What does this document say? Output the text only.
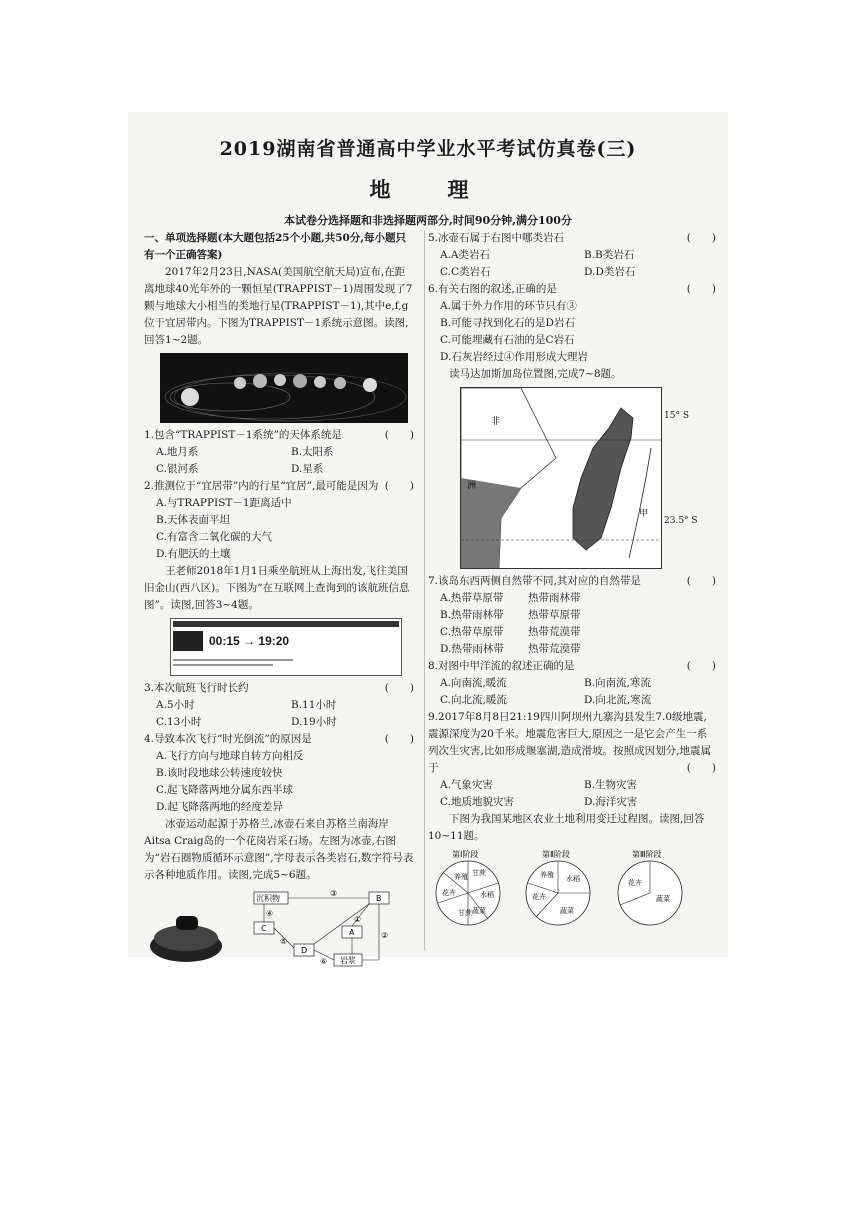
2019湖南省普通高中学业水平考试仿真卷(三)
地　理
本试卷分选择题和非选择题两部分,时间90分钟,满分100分

一、单项选择题(本大题包括25个小题,共50分,每小题只有一个正确答案)

2017年2月23日,NASA(美国航空航天局)宣布,在距离地球40光年外的一颗恒星(TRAPPIST－1)周围发现了7颗与地球大小相当的类地行星(TRAPPIST－1),其中e,f,g位于宜居带内。下图为TRAPPIST－1系统示意图。读图,回答1~2题。

1.包含“TRAPPIST－1系统”的天体系统是	(　　)
A.地月系	B.太阳系
C.银河系	D.星系
2.推测位于“宜居带”内的行星“宜居”,最可能是因为 (　　)

A.与TRAPPIST－1距离适中

B.天体表面平坦

C.有富含二氧化碳的大气

D.有肥沃的土壤

王老师2018年1月1日乘坐航班从上海出发,飞往美国旧金山(西八区)。下图为“在互联网上查询到的该航班信息图”。读图,回答3~4题。

00:15 → 19:20
3.本次航班飞行时长约	(　　)
A.5小时	B.11小时
C.13小时	D.19小时
4.导致本次飞行“时光倒流”的原因是	(　　)

A.飞行方向与地球自转方向相反

B.该时段地球公转速度较快

C.起飞降落两地分属东西半球

D.起飞降落两地的经度差异

冰壶运动起源于苏格兰,冰壶石来自苏格兰南海岸Aitsa Craig岛的一个花岗岩采石场。左图为冰壶,右图为“岩石圈物质循环示意图”,字母表示各类岩石,数字符号表示各种地质作用。读图,完成5~6题。

沉积物	B
C	A
D
岩浆
③
④
②
①
⑤
⑥
5.冰壶石属于右图中哪类岩石	(　　)
A.A类岩石	B.B类岩石
C.C类岩石	D.D类岩石
6.有关右图的叙述,正确的是	(　　)

A.属于外力作用的环节只有③

B.可能寻找到化石的是D岩石

C.可能埋藏有石油的是C岩石

D.石灰岩经过④作用形成大理岩

读马达加斯加岛位置图,完成7~8题。

非
洲
甲
15° S
23.5° S
7.该岛东西两侧自然带不同,其对应的自然带是	(　　)
A.热带草原带	热带雨林带
B.热带雨林带	热带草原带
C.热带草原带	热带荒漠带
D.热带雨林带	热带荒漠带
8.对图中甲洋流的叙述正确的是	(　　)
A.向南流,暖流	B.向南流,寒流
C.向北流,暖流	D.向北流,寒流

9.2017年8月8日21:19四川阿坝州九寨沟县发生7.0级地震,震源深度为20千米。地震危害巨大,原因之一是它会产生一系列次生灾害,比如形成堰塞湖,造成滑坡。按照成因划分,地震属于	(　　)

A.气象灾害	B.生物灾害
C.地质地貌灾害	D.海洋灾害

下图为我国某地区农业土地利用变迁过程图。读图,回答10~11题。

第Ⅰ阶段
养殖 甘蔗
水稻
花卉
甘蔗 蔬菜
第Ⅱ阶段
养殖 水稻
花卉
蔬菜
第Ⅲ阶段
花卉
蔬菜
